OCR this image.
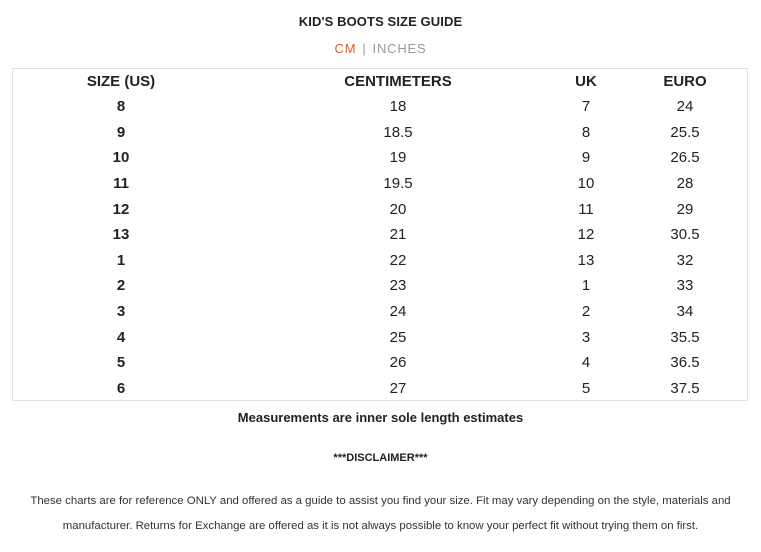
KID'S BOOTS SIZE GUIDE
CM | INCHES
SIZE (US)	CENTIMETERS	UK	EURO
8	18	7	24
9	18.5	8	25.5
10	19	9	26.5
11	19.5	10	28
12	20	11	29
13	21	12	30.5
1	22	13	32
2	23	1	33
3	24	2	34
4	25	3	35.5
5	26	4	36.5
6	27	5	37.5
Measurements are inner sole length estimates
***DISCLAIMER***
These charts are for reference ONLY and offered as a guide to assist you find your size. Fit may vary depending on the style, materials and manufacturer. Returns for Exchange are offered as it is not always possible to know your perfect fit without trying them on first.
